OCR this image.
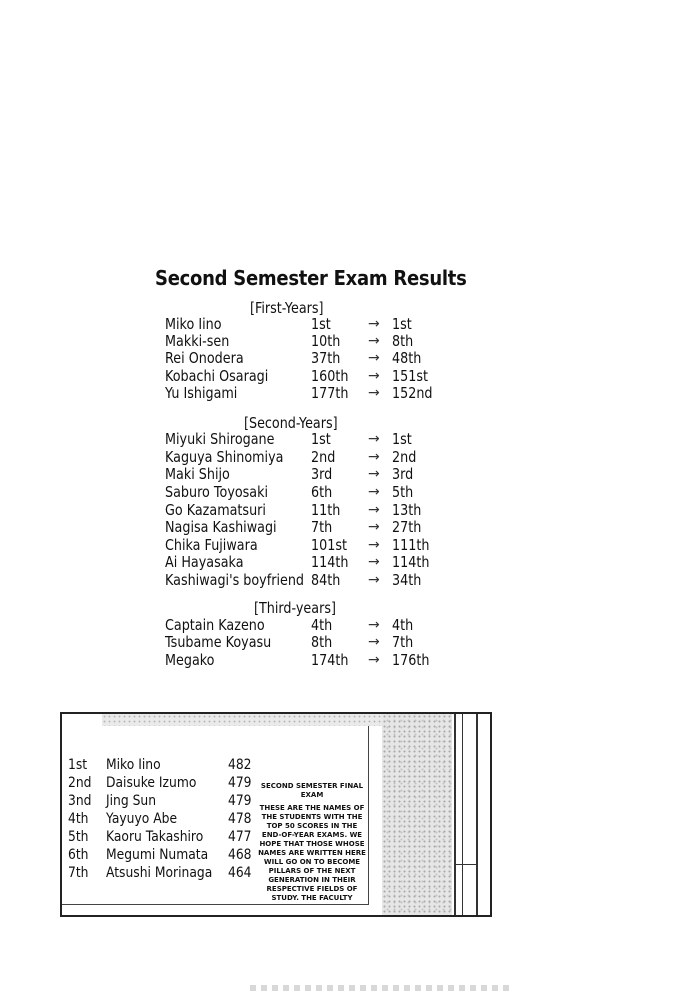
Second Semester Exam Results
[First-Years]
Miko Iino	1st	→ 1st
Makki-sen	10th → 8th
Rei Onodera	37th → 48th
Kobachi Osaragi	160th → 151st
Yu Ishigami	177th → 152nd
[Second-Years]
Miyuki Shirogane 1st	→ 1st
Kaguya Shinomiya 2nd → 2nd
Maki Shijo	3rd	→ 3rd
Saburo Toyosaki	6th	→ 5th
Go Kazamatsuri	11th → 13th
Nagisa Kashiwagi 7th	→ 27th
Chika Fujiwara	101st → 111th
Ai Hayasaka	114th → 114th
Kashiwagi's boyfriend 84th → 34th
[Third-years]
Captain Kazeno	4th	→ 4th
Tsubame Koyasu	8th	→ 7th
Megako	174th → 176th
1st Miko Iino	482
2nd Daisuke Izumo 479
3nd Jing Sun	479
4th Yayuyo Abe	478
5th Kaoru Takashiro 477
6th Megumi Numata 468
7th Atsushi Morinaga 464
SECOND SEMESTER FINAL EXAM
THESE ARE THE NAMES OF THE STUDENTS WITH THE TOP 50 SCORES IN THE END-OF-YEAR EXAMS. WE HOPE THAT THOSE WHOSE NAMES ARE WRITTEN HERE WILL GO ON TO BECOME PILLARS OF THE NEXT GENERATION IN THEIR RESPECTIVE FIELDS OF STUDY. THE FACULTY
